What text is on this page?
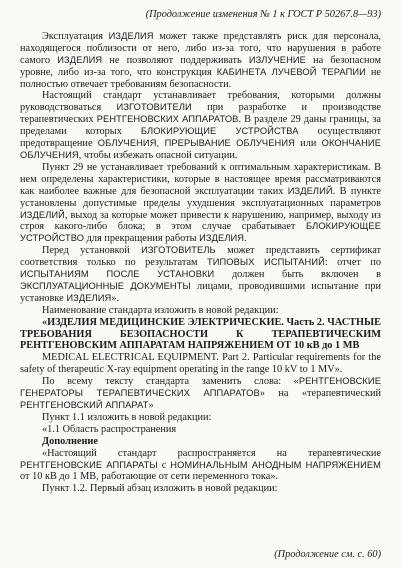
(Продолжение изменения № 1 к ГОСТ Р 50267.8—93)

Эксплуатация ИЗДЕЛИЯ может также представлять риск для персонала, находящегося поблизости от него, либо из-за того, что нарушения в работе самого ИЗДЕЛИЯ не позволяют поддерживать ИЗЛУЧЕНИЕ на безопасном уровне, либо из-за того, что конструкция КАБИНЕТА ЛУЧЕВОЙ ТЕРАПИИ не полностью отвечает требованиям безопасности.

Настоящий стандарт устанавливает требования, которыми должны руководствоваться ИЗГОТОВИТЕЛИ при разработке и производстве терапевтических РЕНТГЕНОВСКИХ АППАРАТОВ. В разделе 29 даны границы, за пределами которых БЛОКИРУЮЩИЕ УСТРОЙСТВА осуществляют предотвращение ОБЛУЧЕНИЯ, ПРЕРЫВАНИЕ ОБЛУЧЕНИЯ или ОКОНЧАНИЕ ОБЛУЧЕНИЯ, чтобы избежать опасной ситуации.

Пункт 29 не устанавливает требований к оптимальным характеристикам. В нем определены характеристики, которые в настоящее время рассматриваются как наиболее важные для безопасной эксплуатации таких ИЗДЕЛИЙ. В пункте установлены допустимые пределы ухудшения эксплуатационных параметров ИЗДЕЛИЙ, выход за которые может привести к нарушению, например, выходу из строя какого-либо блока; в этом случае срабатывает БЛОКИРУЮЩЕЕ УСТРОЙСТВО для прекращения работы ИЗДЕЛИЯ.

Перед установкой ИЗГОТОВИТЕЛЬ может представить сертификат соответствия только по результатам ТИПОВЫХ ИСПЫТАНИЙ: отчет по ИСПЫТАНИЯМ ПОСЛЕ УСТАНОВКИ должен быть включен в ЭКСПЛУАТАЦИОННЫЕ ДОКУМЕНТЫ лицами, проводившими испытание при установке ИЗДЕЛИЯ».

Наименование стандарта изложить в новой редакции:

«ИЗДЕЛИЯ МЕДИЦИНСКИЕ ЭЛЕКТРИЧЕСКИЕ. Часть 2. ЧАСТНЫЕ ТРЕБОВАНИЯ БЕЗОПАСНОСТИ К ТЕРАПЕВТИЧЕСКИМ РЕНТГЕНОВСКИМ АППАРАТАМ НАПРЯЖЕНИЕМ ОТ 10 кВ до 1 МВ

MEDICAL ELECTRICAL EQUIPMENT. Part 2. Particular requirements for the safety of therapeutic X-ray equipment operating in the range 10 kV to 1 MV».

По всему тексту стандарта заменить слова: «РЕНТГЕНОВСКИЕ ГЕНЕРАТОРЫ ТЕРАПЕВТИЧЕСКИХ АППАРАТОВ» на «терапевтический РЕНТГЕНОВСКИЙ АППАРАТ»

Пункт 1.1 изложить в новой редакции:

«1.1 Область распространения

Дополнение

«Настоящий стандарт распространяется на терапевтические РЕНТГЕНОВСКИЕ АППАРАТЫ с НОМИНАЛЬНЫМ АНОДНЫМ НАПРЯЖЕНИЕМ от 10 кВ до 1 МВ, работающие от сети переменного тока».

Пункт 1.2. Первый абзац изложить в новой редакции:

(Продолжение см. с. 60)
